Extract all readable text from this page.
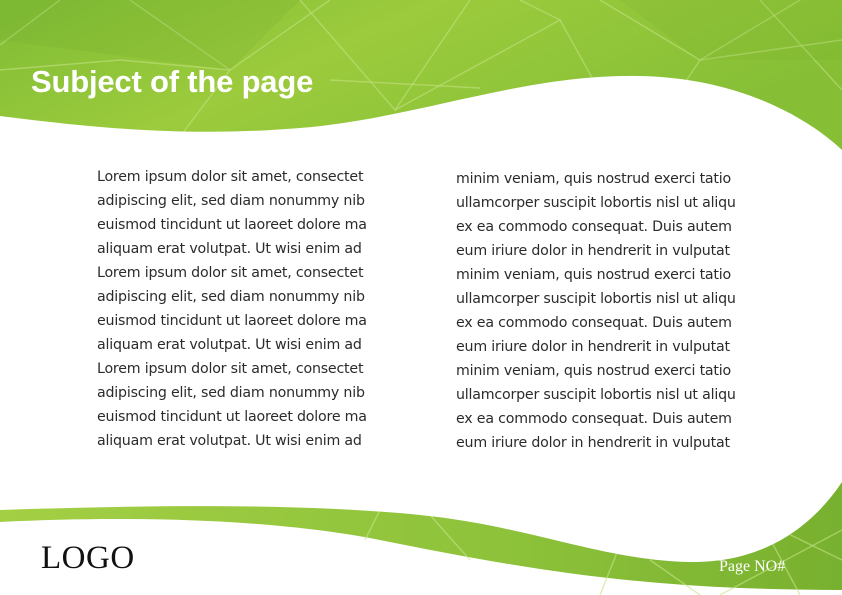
Subject of the page

Lorem ipsum dolor sit amet, consectet
adipiscing elit, sed diam nonummy nib
euismod tincidunt ut laoreet dolore ma
aliquam erat volutpat. Ut wisi enim ad

Lorem ipsum dolor sit amet, consectet
adipiscing elit, sed diam nonummy nib
euismod tincidunt ut laoreet dolore ma
aliquam erat volutpat. Ut wisi enim ad

Lorem ipsum dolor sit amet, consectet
adipiscing elit, sed diam nonummy nib
euismod tincidunt ut laoreet dolore ma
aliquam erat volutpat. Ut wisi enim ad

minim veniam, quis nostrud exerci tatio
ullamcorper suscipit lobortis nisl ut aliqu
ex ea commodo consequat. Duis autem
eum iriure dolor in hendrerit in vulputat

minim veniam, quis nostrud exerci tatio
ullamcorper suscipit lobortis nisl ut aliqu
ex ea commodo consequat. Duis autem
eum iriure dolor in hendrerit in vulputat

minim veniam, quis nostrud exerci tatio
ullamcorper suscipit lobortis nisl ut aliqu
ex ea commodo consequat. Duis autem
eum iriure dolor in hendrerit in vulputat

LOGO	Page NO#
